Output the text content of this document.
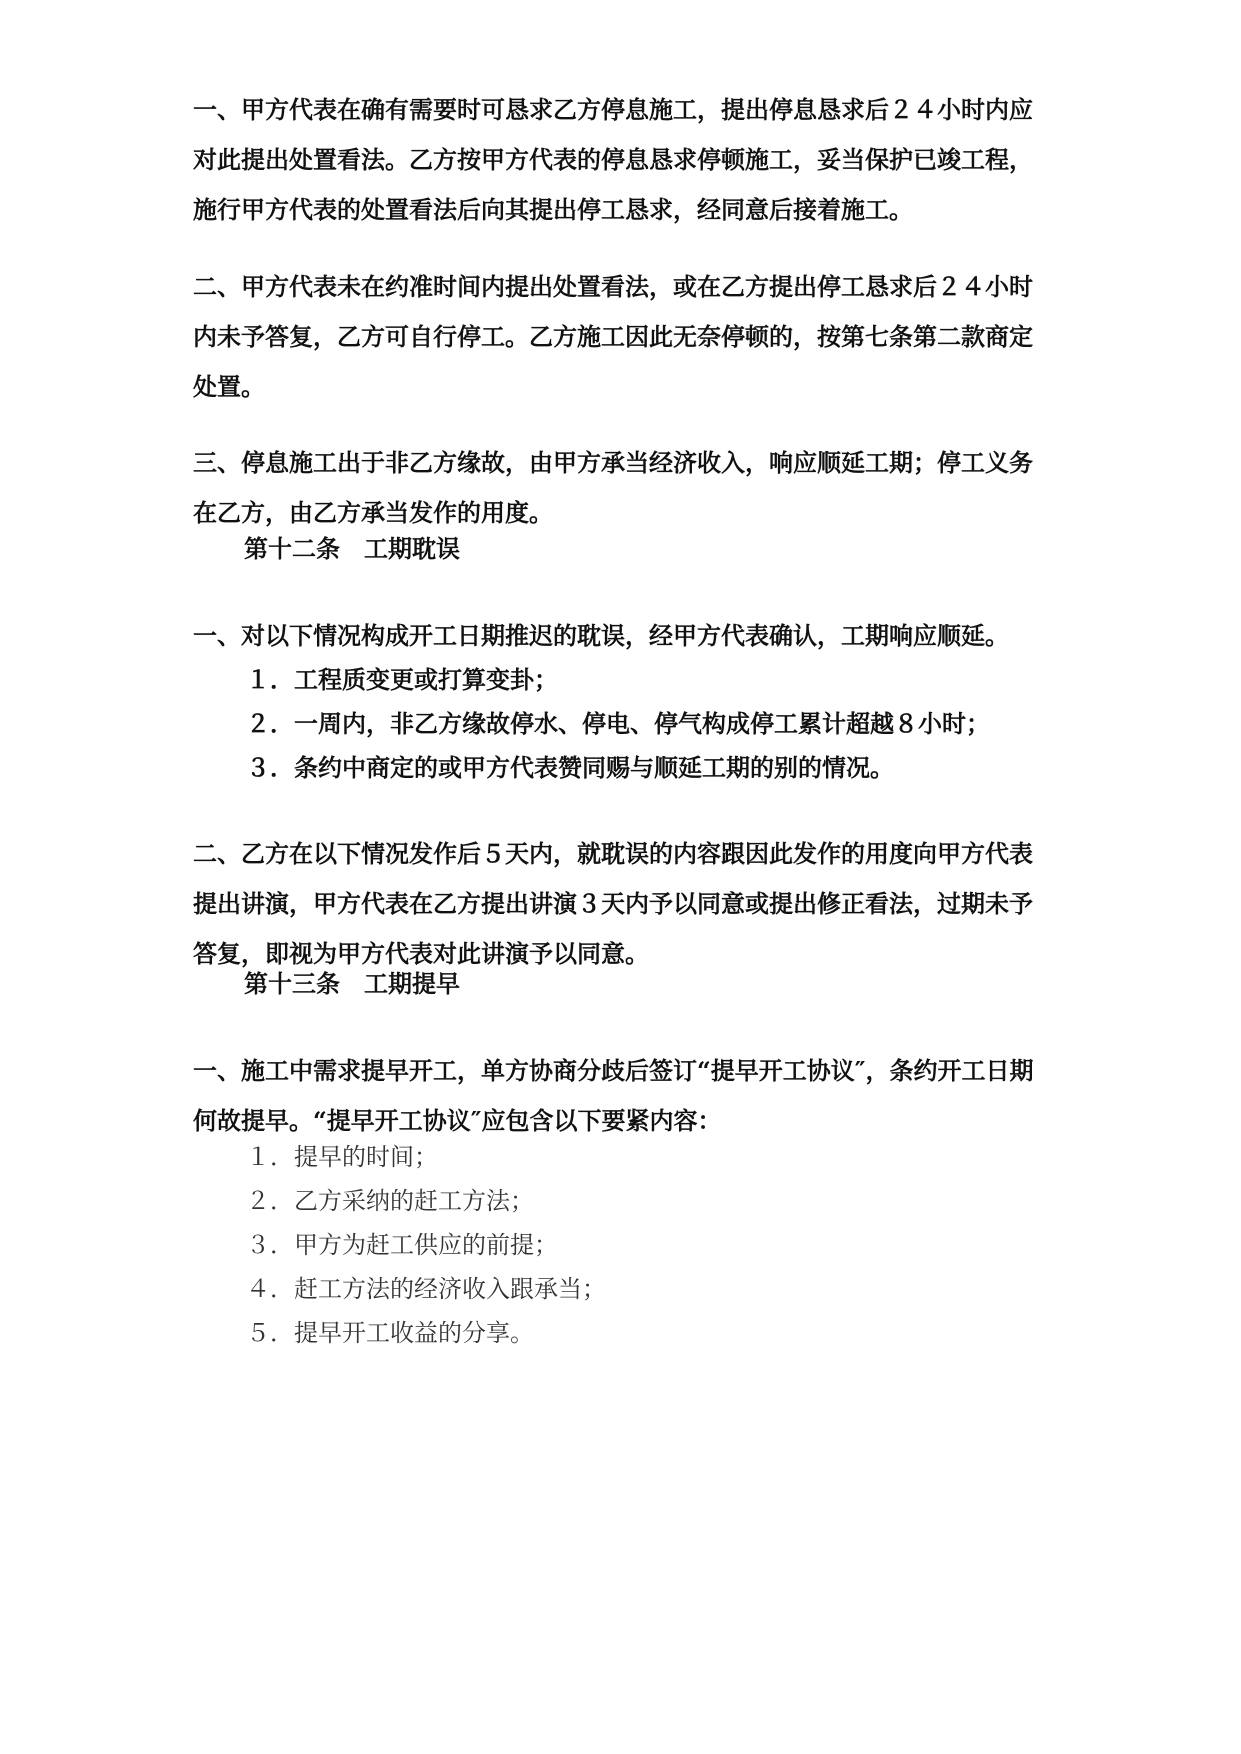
一、甲方代表在确有需要时可恳求乙方停息施工，提出停息恳求后２４小时内应对此提出处置看法。乙方按甲方代表的停息恳求停顿施工，妥当保护已竣工程，施行甲方代表的处置看法后向其提出停工恳求，经同意后接着施工。

二、甲方代表未在约准时间内提出处置看法，或在乙方提出停工恳求后２４小时内未予答复，乙方可自行停工。乙方施工因此无奈停顿的，按第七条第二款商定处置。

三、停息施工出于非乙方缘故，由甲方承当经济收入，响应顺延工期；停工义务在乙方，由乙方承当发作的用度。

第十二条　工期耽误

一、对以下情况构成开工日期推迟的耽误，经甲方代表确认，工期响应顺延。

１．工程质变更或打算变卦；

２．一周内，非乙方缘故停水、停电、停气构成停工累计超越８小时；

３．条约中商定的或甲方代表赞同赐与顺延工期的别的情况。

二、乙方在以下情况发作后５天内，就耽误的内容跟因此发作的用度向甲方代表提出讲演，甲方代表在乙方提出讲演３天内予以同意或提出修正看法，过期未予答复，即视为甲方代表对此讲演予以同意。

第十三条　工期提早

一、施工中需求提早开工，单方协商分歧后签订“提早开工协议″，条约开工日期何故提早。“提早开工协议″应包含以下要紧内容：

１．提早的时间；

２．乙方采纳的赶工方法；

３．甲方为赶工供应的前提；

４．赶工方法的经济收入跟承当；

５．提早开工收益的分享。
